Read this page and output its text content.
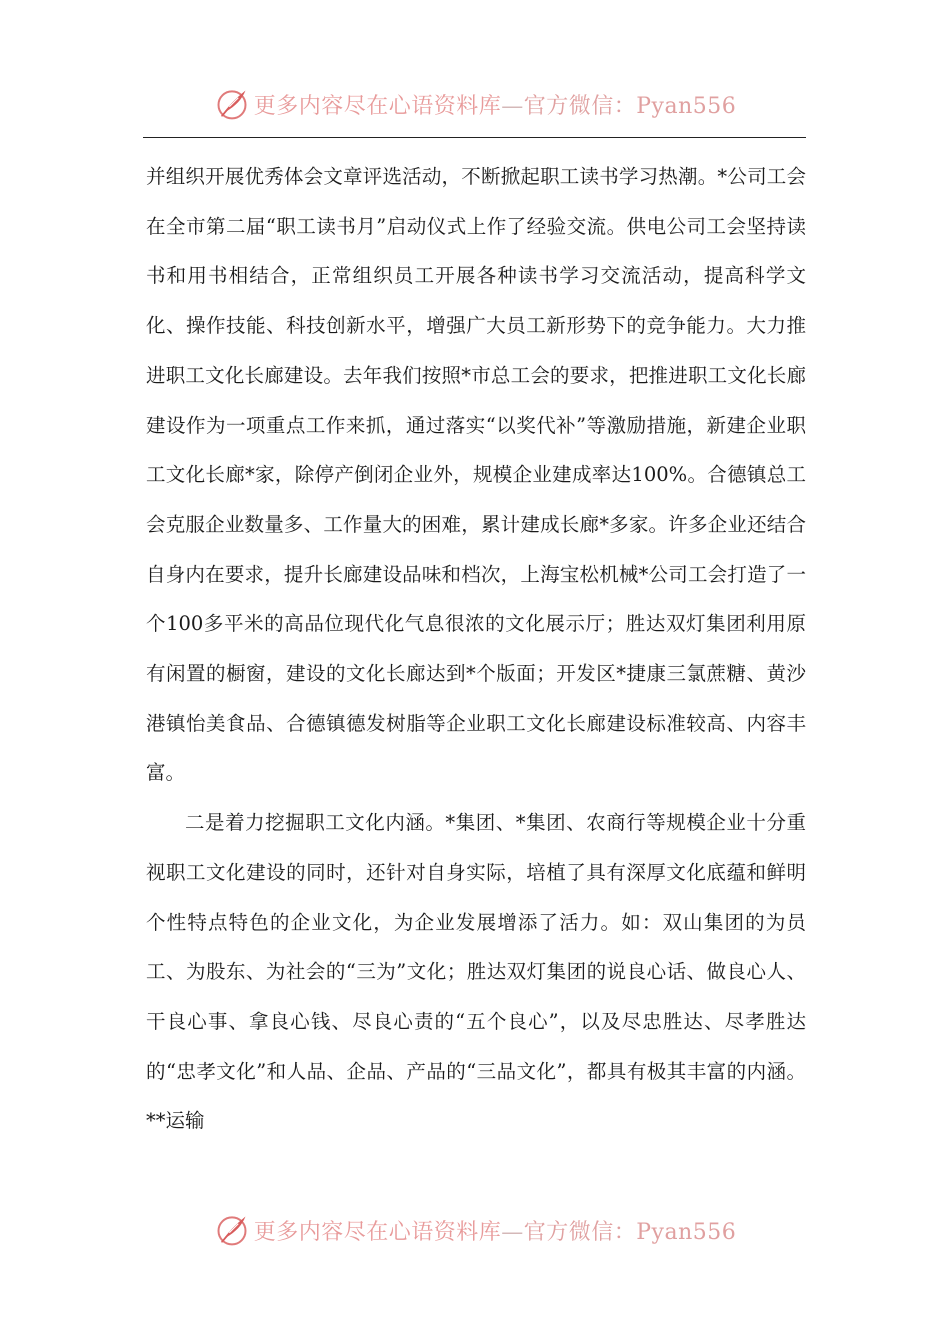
更多内容尽在心语资料库—官方微信：Pyan556

并组织开展优秀体会文章评选活动，不断掀起职工读书学习热潮。*公司工会在全市第二届“职工读书月”启动仪式上作了经验交流。供电公司工会坚持读书和用书相结合，正常组织员工开展各种读书学习交流活动，提高科学文化、操作技能、科技创新水平，增强广大员工新形势下的竞争能力。大力推进职工文化长廊建设。去年我们按照*市总工会的要求，把推进职工文化长廊建设作为一项重点工作来抓，通过落实“以奖代补”等激励措施，新建企业职工文化长廊*家，除停产倒闭企业外，规模企业建成率达100%。合德镇总工会克服企业数量多、工作量大的困难，累计建成长廊*多家。许多企业还结合自身内在要求，提升长廊建设品味和档次，上海宝松机械*公司工会打造了一个100多平米的高品位现代化气息很浓的文化展示厅；胜达双灯集团利用原有闲置的橱窗，建设的文化长廊达到*个版面；开发区*捷康三氯蔗糖、黄沙港镇怡美食品、合德镇德发树脂等企业职工文化长廊建设标准较高、内容丰富。

二是着力挖掘职工文化内涵。*集团、*集团、农商行等规模企业十分重视职工文化建设的同时，还针对自身实际，培植了具有深厚文化底蕴和鲜明个性特点特色的企业文化，为企业发展增添了活力。如：双山集团的为员工、为股东、为社会的“三为”文化；胜达双灯集团的说良心话、做良心人、干良心事、拿良心钱、尽良心责的“五个良心”，以及尽忠胜达、尽孝胜达的“忠孝文化”和人品、企品、产品的“三品文化”，都具有极其丰富的内涵。**运输

更多内容尽在心语资料库—官方微信：Pyan556
